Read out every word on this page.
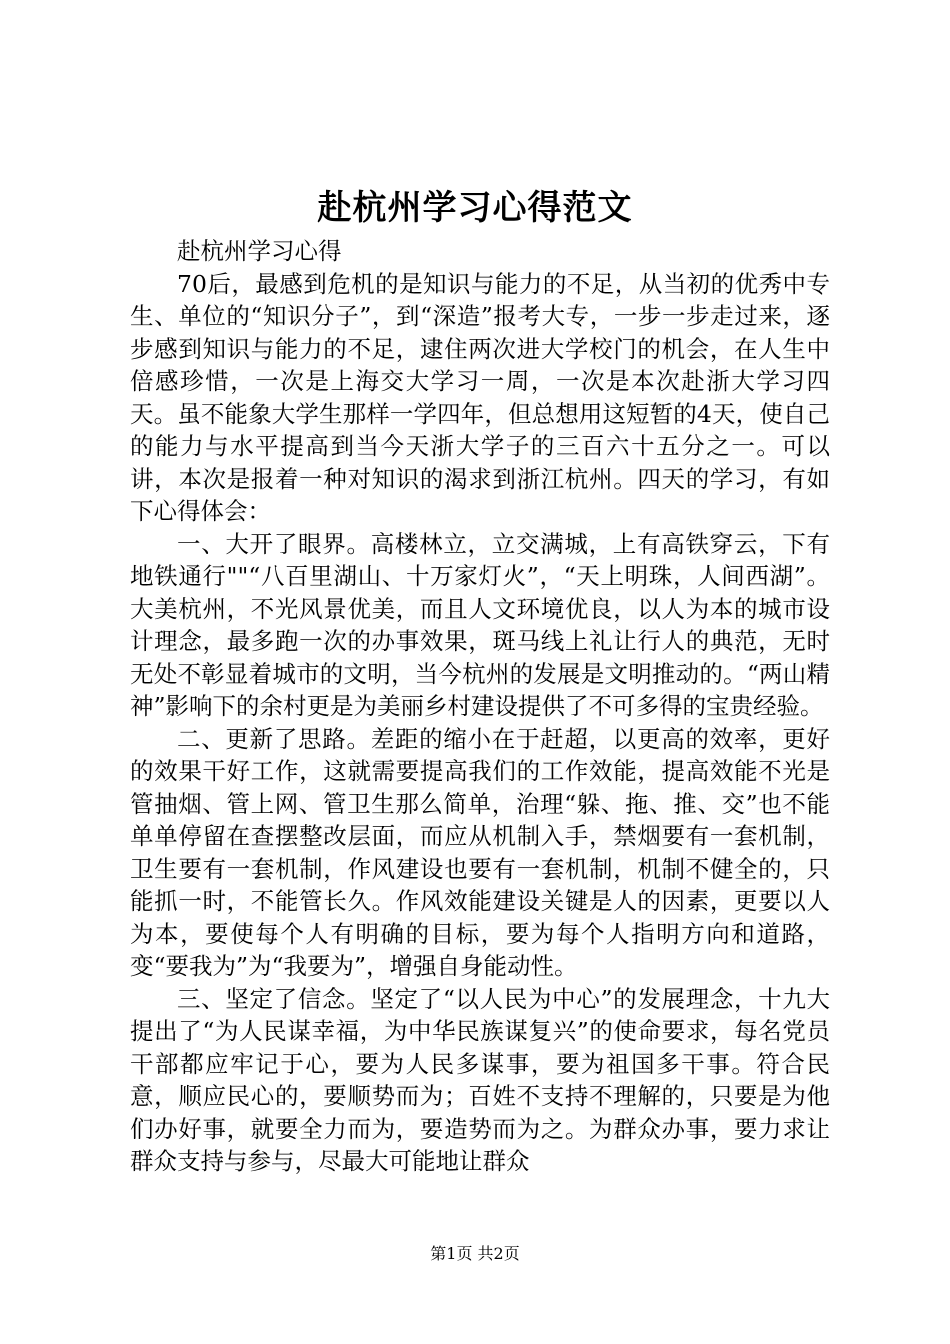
赴杭州学习心得范文

赴杭州学习心得

70后，最感到危机的是知识与能力的不足，从当初的优秀中专生、单位的“知识分子”，到“深造”报考大专，一步一步走过来，逐步感到知识与能力的不足，逮住两次进大学校门的机会，在人生中倍感珍惜，一次是上海交大学习一周，一次是本次赴浙大学习四天。虽不能象大学生那样一学四年，但总想用这短暂的4天，使自己的能力与水平提高到当今天浙大学子的三百六十五分之一。可以讲，本次是报着一种对知识的渴求到浙江杭州。四天的学习，有如下心得体会：

一、大开了眼界。高楼林立，立交满城，上有高铁穿云，下有地铁通行""“八百里湖山、十万家灯火”，“天上明珠，人间西湖”。大美杭州，不光风景优美，而且人文环境优良，以人为本的城市设计理念，最多跑一次的办事效果，斑马线上礼让行人的典范，无时无处不彰显着城市的文明，当今杭州的发展是文明推动的。“两山精神”影响下的余村更是为美丽乡村建设提供了不可多得的宝贵经验。

二、更新了思路。差距的缩小在于赶超，以更高的效率，更好的效果干好工作，这就需要提高我们的工作效能，提高效能不光是管抽烟、管上网、管卫生那么简单，治理“躲、拖、推、交”也不能单单停留在查摆整改层面，而应从机制入手，禁烟要有一套机制，卫生要有一套机制，作风建设也要有一套机制，机制不健全的，只能抓一时，不能管长久。作风效能建设关键是人的因素，更要以人为本，要使每个人有明确的目标，要为每个人指明方向和道路，变“要我为”为“我要为”，增强自身能动性。

三、坚定了信念。坚定了“以人民为中心”的发展理念，十九大提出了“为人民谋幸福，为中华民族谋复兴”的使命要求，每名党员干部都应牢记于心，要为人民多谋事，要为祖国多干事。符合民意，顺应民心的，要顺势而为；百姓不支持不理解的，只要是为他们办好事，就要全力而为，要造势而为之。为群众办事，要力求让群众支持与参与，尽最大可能地让群众

第1页 共2页
